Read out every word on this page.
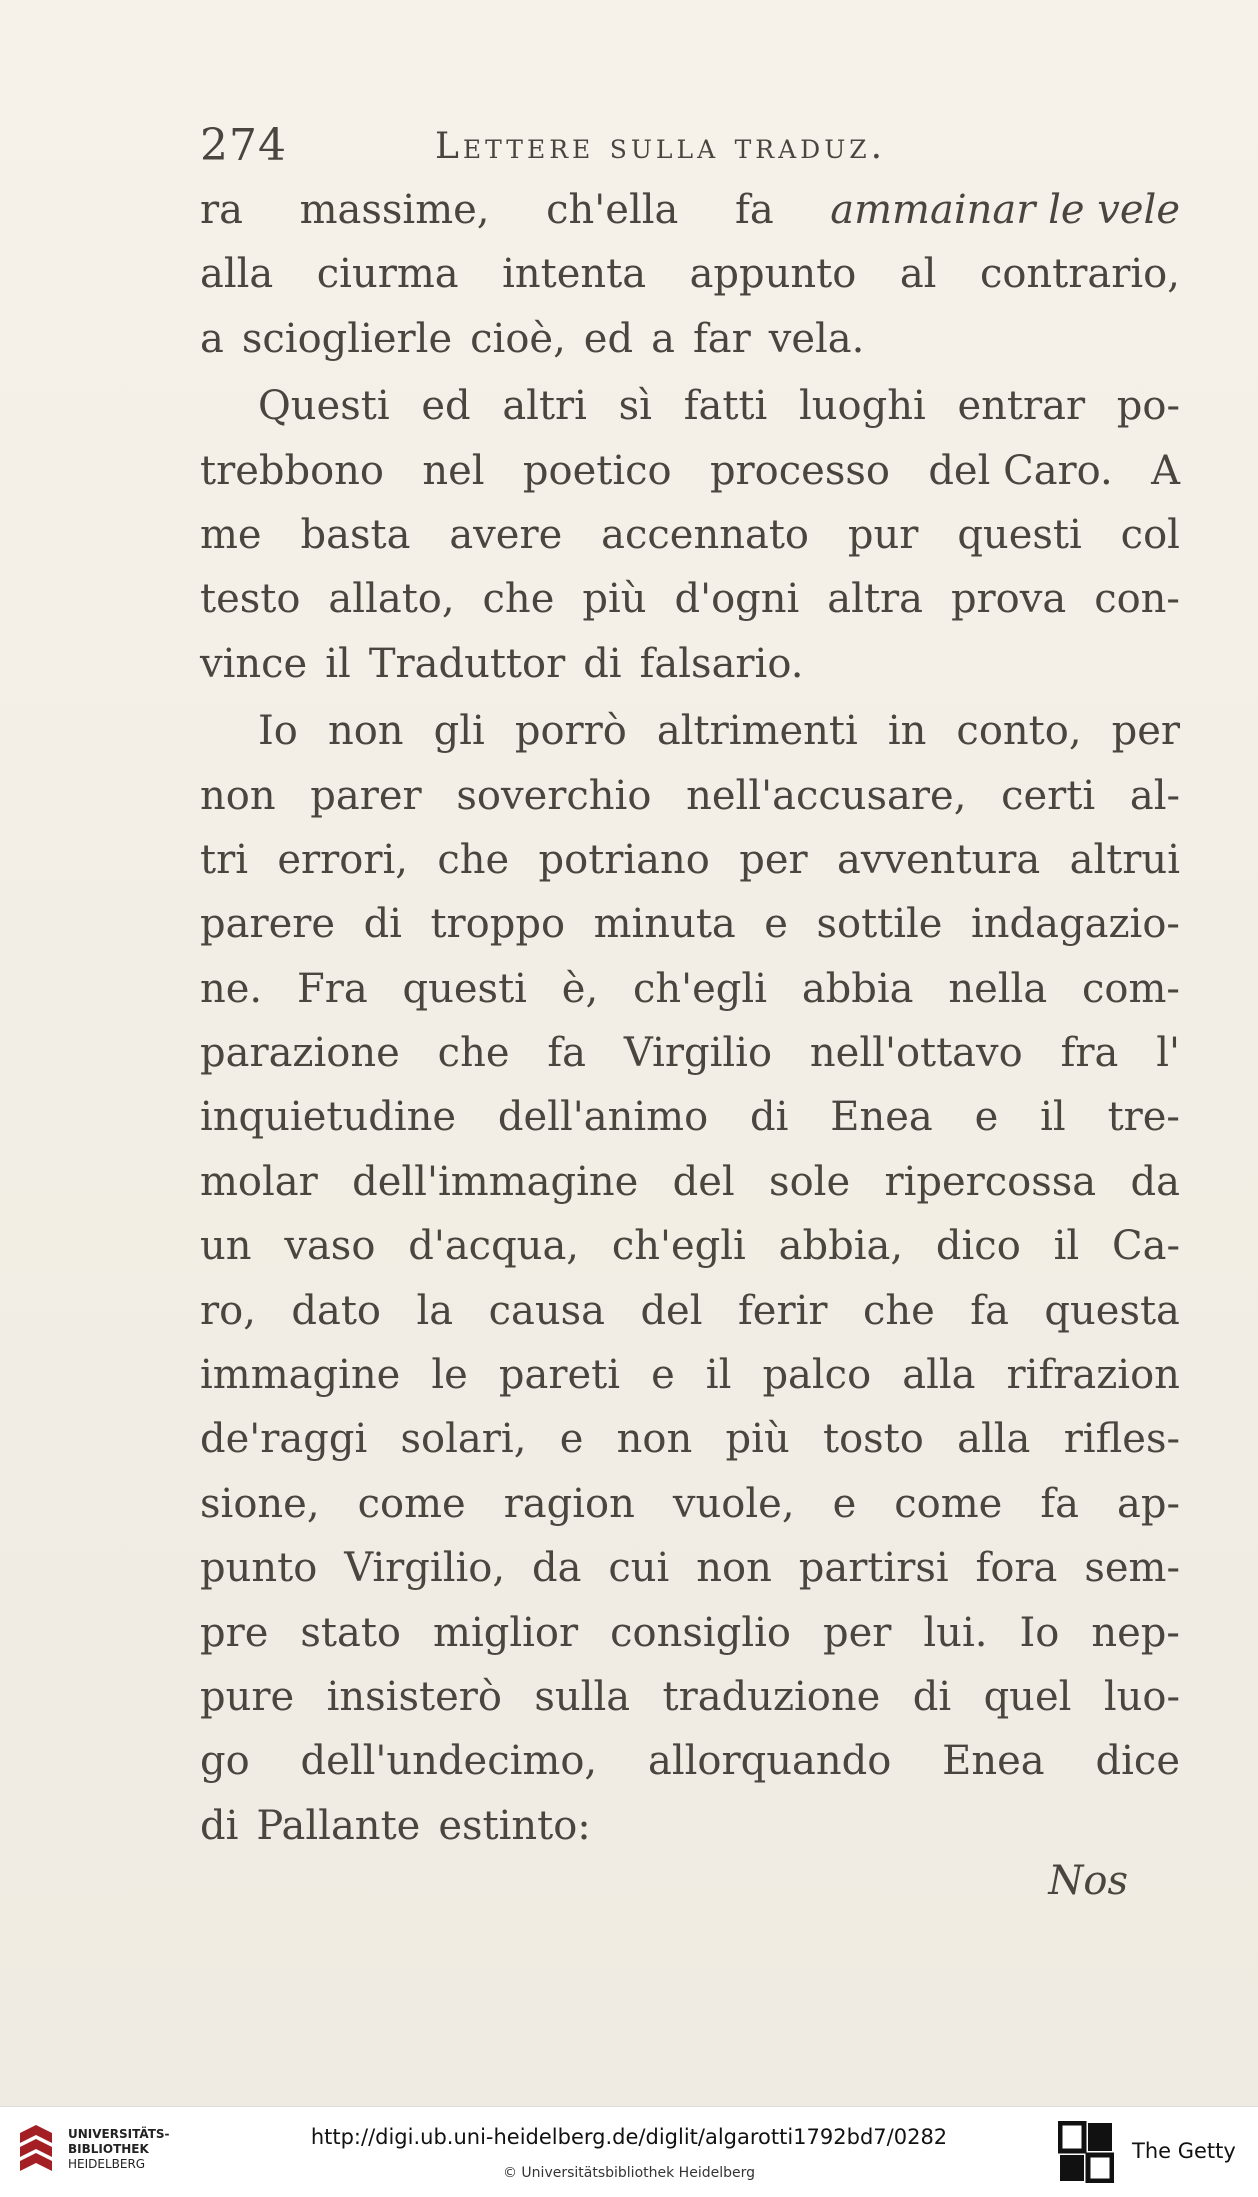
274	Lettere sulla traduz.
ra massime, ch'ella fa ammainar le vele
alla ciurma intenta appunto al contrario,
a scioglierle cioè, ed a far vela.
Questi ed altri sì fatti luoghi entrar po-
trebbono nel poetico processo del Caro. A
me basta avere accennato pur questi col
testo allato, che più d'ogni altra prova con-
vince il Traduttor di falsario.
Io non gli porrò altrimenti in conto, per
non parer soverchio nell'accusare, certi al-
tri errori, che potriano per avventura altrui
parere di troppo minuta e sottile indagazio-
ne. Fra questi è, ch'egli abbia nella com-
parazione che fa Virgilio nell'ottavo fra l'
inquietudine dell'animo di Enea e il tre-
molar dell'immagine del sole ripercossa da
un vaso d'acqua, ch'egli abbia, dico il Ca-
ro, dato la causa del ferir che fa questa
immagine le pareti e il palco alla rifrazion
de'raggi solari, e non più tosto alla rifles-
sione, come ragion vuole, e come fa ap-
punto Virgilio, da cui non partirsi fora sem-
pre stato miglior consiglio per lui. Io nep-
pure insisterò sulla traduzione di quel luo-
go dell'undecimo, allorquando Enea dice
di Pallante estinto:
Nos
UNIVERSITÄTS-
BIBLIOTHEK
HEIDELBERG
http://digi.ub.uni-heidelberg.de/diglit/algarotti1792bd7/0282
© Universitätsbibliothek Heidelberg
The Getty
